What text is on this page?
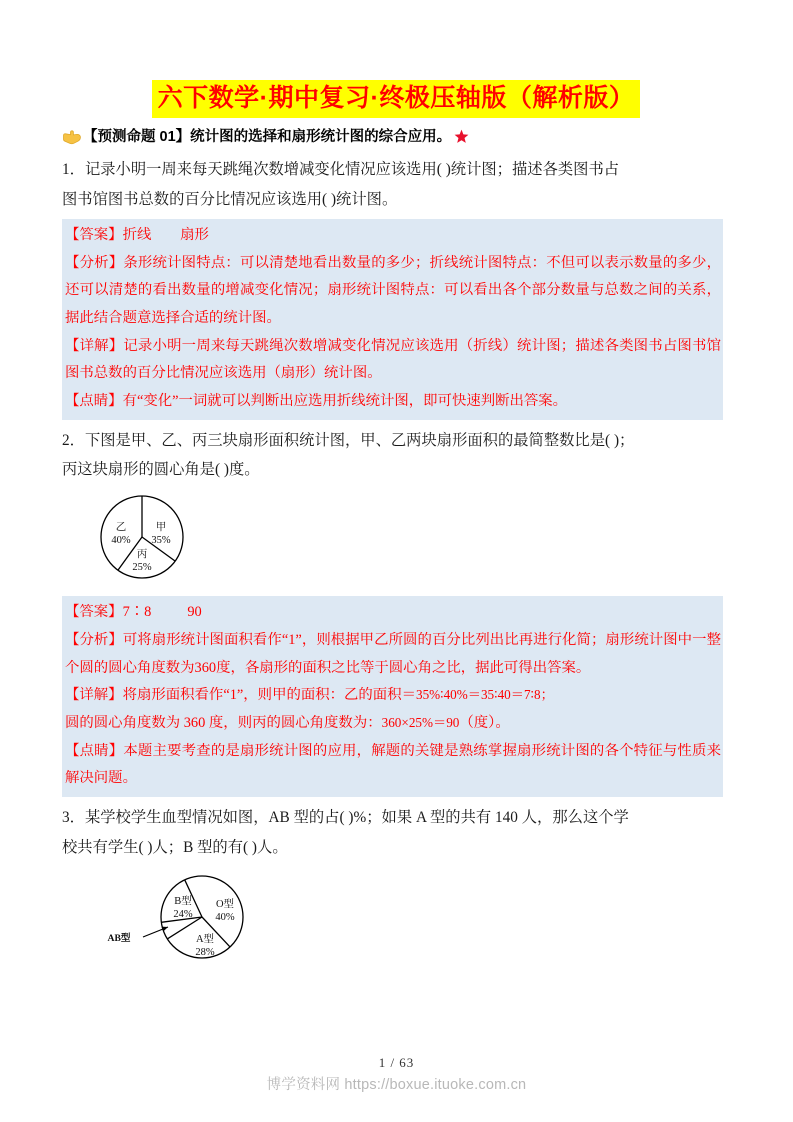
六下数学·期中复习·终极压轴版（解析版）
【预测命题 01】统计图的选择和扇形统计图的综合应用。
1．记录小明一周来每天跳绳次数增减变化情况应该选用( )统计图；描述各类图书占
图书馆图书总数的百分比情况应该选用( )统计图。
【答案】折线        扇形
【分析】条形统计图特点：可以清楚地看出数量的多少；折线统计图特点：不但可以表示数量的多少，还可以清楚的看出数量的增减变化情况；扇形统计图特点：可以看出各个部分数量与总数之间的关系，据此结合题意选择合适的统计图。
【详解】记录小明一周来每天跳绳次数增减变化情况应该选用（折线）统计图；描述各类图书占图书馆图书总数的百分比情况应该选用（扇形）统计图。
【点睛】有“变化”一词就可以判断出应选用折线统计图，即可快速判断出答案。
2．下图是甲、乙、丙三块扇形面积统计图，甲、乙两块扇形面积的最简整数比是( )；
丙这块扇形的圆心角是( )度。
甲
35%
乙
40%
丙
25%
【答案】7∶8          90
【分析】可将扇形统计图面积看作“1”，则根据甲乙所圆的百分比列出比再进行化简；扇形统计图中一整个圆的圆心角度数为360度，各扇形的面积之比等于圆心角之比，据此可得出答案。
【详解】将扇形面积看作“1”，则甲的面积：乙的面积＝35%∶40%＝35∶40＝7∶8；
圆的圆心角度数为 360 度，则丙的圆心角度数为：360×25%＝90（度）。
【点睛】本题主要考查的是扇形统计图的应用，解题的关键是熟练掌握扇形统计图的各个特征与性质来解决问题。
3．某学校学生血型情况如图，AB 型的占( )%；如果 A 型的共有 140 人，那么这个学
校共有学生( )人；B 型的有( )人。
O型
40%
B型
24%
A型
28%
AB型
1 / 63
博学资料网 https://boxue.ituoke.com.cn
